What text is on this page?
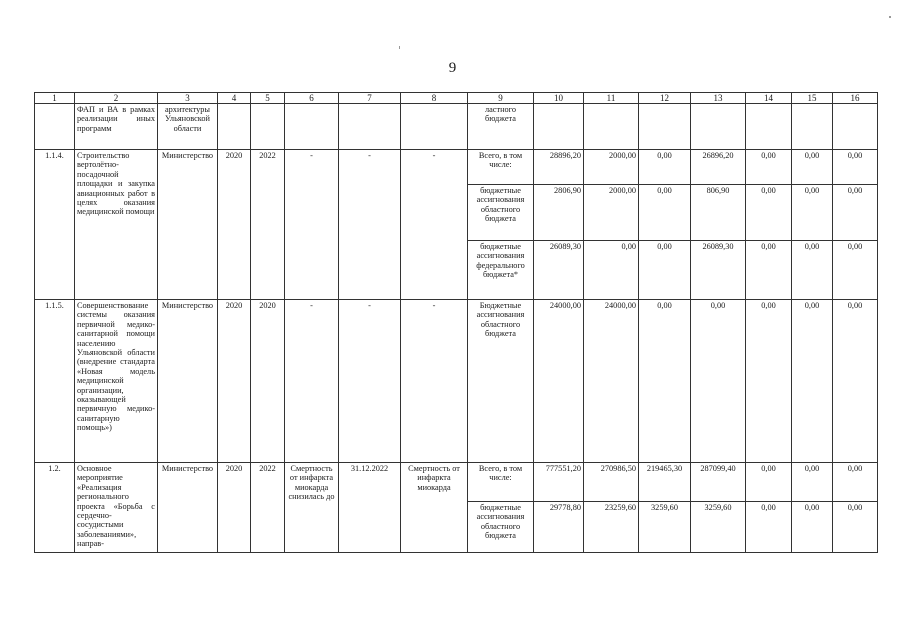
9
1	2	3	4	5	6	7	8	9	10	11	12	13	14	15	16
	ФАП и ВА в рамках реализации иных программ	архитектуры Ульяновской области						ластного бюджета							
1.1.4.	Строительство вертолётно-посадочной площадки и закупка авиационных работ в целях оказания медицинской помощи	Министерство	2020	2022	-	-	-	Всего, в том числе:	28896,20	2000,00	0,00	26896,20	0,00	0,00	0,00
								бюджетные ассигнования областного бюджета	2806,90	2000,00	0,00	806,90	0,00	0,00	0,00
								бюджетные ассигнования федерального бюджета*	26089,30	0,00	0,00	26089,30	0,00	0,00	0,00
1.1.5.	Совершенствование системы оказания первичной медико-санитарной помощи населению Ульяновской области (внедрение стандарта «Новая модель медицинской организации, оказывающей первичную медико-санитарную помощь»)	Министерство	2020	2020	-	-	-	Бюджетные ассигнования областного бюджета	24000,00	24000,00	0,00	0,00	0,00	0,00	0,00
1.2.	Основное мероприятие «Реализация регионального проекта «Борьба с сердечно-сосудистыми заболеваниями», направ-	Министерство	2020	2022	Смертность от инфаркта миокарда снизилась до	31.12.2022	Смертность от инфаркта миокарда	Всего, в том числе:	777551,20	270986,50	219465,30	287099,40	0,00	0,00	0,00
								бюджетные ассигнования областного бюджета	29778,80	23259,60	3259,60	3259,60	0,00	0,00	0,00
